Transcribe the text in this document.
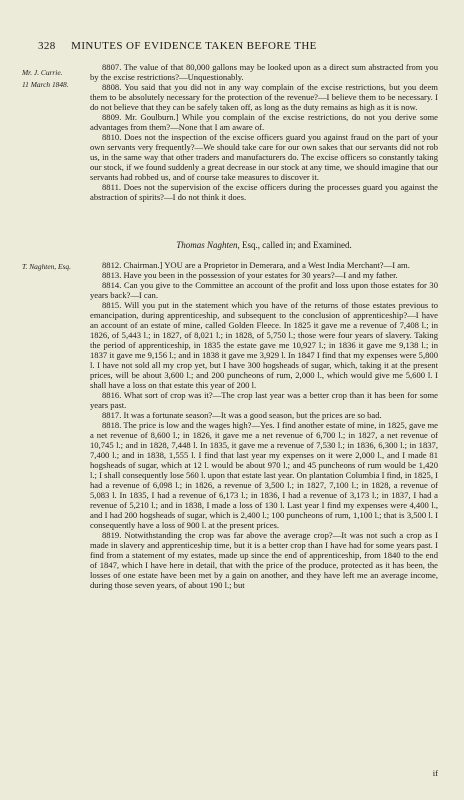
328 MINUTES OF EVIDENCE TAKEN BEFORE THE
Mr. J. Currie.
11 March 1848.

8807. The value of that 80,000 gallons may be looked upon as a direct sum abstracted from you by the excise restrictions?—Unquestionably.

8808. You said that you did not in any way complain of the excise restrictions, but you deem them to be absolutely necessary for the protection of the revenue?—I believe them to be necessary. I do not believe that they can be safely taken off, as long as the duty remains as high as it is now.

8809. Mr. Goulburn.] While you complain of the excise restrictions, do not you derive some advantages from them?—None that I am aware of.

8810. Does not the inspection of the excise officers guard you against fraud on the part of your own servants very frequently?—We should take care for our own sakes that our servants did not rob us, in the same way that other traders and manufacturers do. The excise officers so constantly taking our stock, if we found suddenly a great decrease in our stock at any time, we should imagine that our servants had robbed us, and of course take measures to discover it.

8811. Does not the supervision of the excise officers during the processes guard you against the abstraction of spirits?—I do not think it does.

Thomas Naghten, Esq., called in; and Examined.
T. Naghten, Esq.	8812. Chairman.] YOU are a Proprietor in Demerara, and a West India Merchant?—I am.

8813. Have you been in the possession of your estates for 30 years?—I and my father.

8814. Can you give to the Committee an account of the profit and loss upon those estates for 30 years back?—I can.

8815. Will you put in the statement which you have of the returns of those estates previous to emancipation, during apprenticeship, and subsequent to the conclusion of apprenticeship?—I have an account of an estate of mine, called Golden Fleece. In 1825 it gave me a revenue of 7,408 l.; in 1826, of 5,443 l.; in 1827, of 8,021 l.; in 1828, of 5,750 l.; those were four years of slavery. Taking the period of apprenticeship, in 1835 the estate gave me 10,927 l.; in 1836 it gave me 9,138 l.; in 1837 it gave me 9,156 l.; and in 1838 it gave me 3,929 l. In 1847 I find that my expenses were 5,800 l. I have not sold all my crop yet, but I have 300 hogsheads of sugar, which, taking it at the present prices, will be about 3,600 l.; and 200 puncheons of rum, 2,000 l., which would give me 5,600 l. I shall have a loss on that estate this year of 200 l.

8816. What sort of crop was it?—The crop last year was a better crop than it has been for some years past.

8817. It was a fortunate season?—It was a good season, but the prices are so bad.

8818. The price is low and the wages high?—Yes. I find another estate of mine, in 1825, gave me a net revenue of 8,600 l.; in 1826, it gave me a net revenue of 6,700 l.; in 1827, a net revenue of 10,745 l.; and in 1828, 7,448 l. In 1835, it gave me a revenue of 7,530 l.; in 1836, 6,300 l.; in 1837, 7,400 l.; and in 1838, 1,555 l. I find that last year my expenses on it were 2,000 l., and I made 81 hogsheads of sugar, which at 12 l. would be about 970 l.; and 45 puncheons of rum would be 1,420 l.; I shall consequently lose 560 l. upon that estate last year. On plantation Columbia I find, in 1825, I had a revenue of 6,098 l.; in 1826, a revenue of 3,500 l.; in 1827, 7,100 l.; in 1828, a revenue of 5,083 l. In 1835, I had a revenue of 6,173 l.; in 1836, I had a revenue of 3,173 l.; in 1837, I had a revenue of 5,210 l.; and in 1838, I made a loss of 130 l. Last year I find my expenses were 4,400 l., and I had 200 hogsheads of sugar, which is 2,400 l.; 100 puncheons of rum, 1,100 l.; that is 3,500 l. I consequently have a loss of 900 l. at the present prices.

8819. Notwithstanding the crop was far above the average crop?—It was not such a crop as I made in slavery and apprenticeship time, but it is a better crop than I have had for some years past. I find from a statement of my estates, made up since the end of apprenticeship, from 1840 to the end of 1847, which I have here in detail, that with the price of the produce, protected as it has been, the losses of one estate have been met by a gain on another, and they have left me an average income, during those seven years, of about 190 l.; but

if
